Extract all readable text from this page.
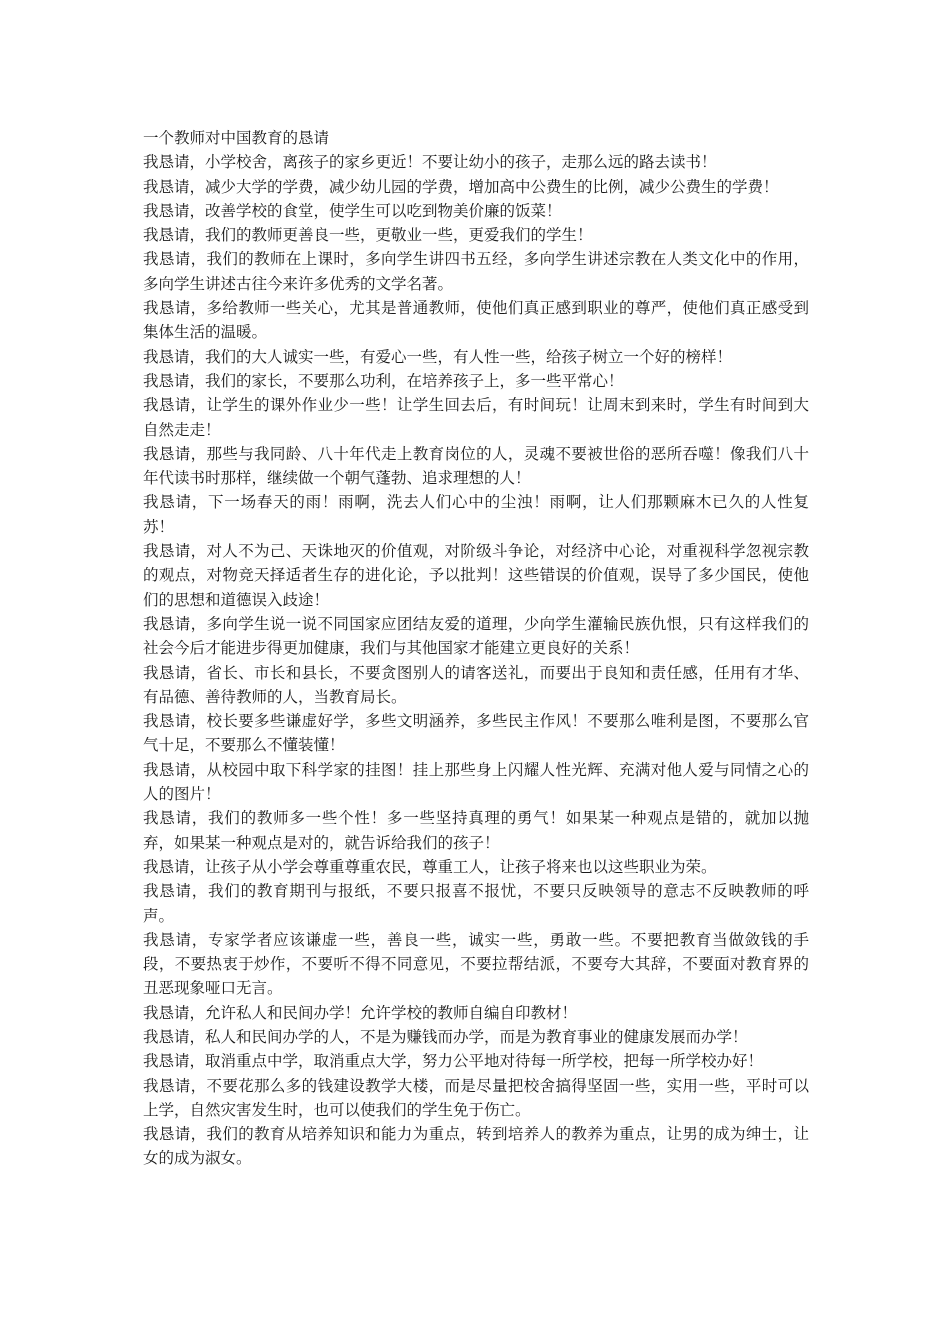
一个教师对中国教育的恳请

我恳请，小学校舍，离孩子的家乡更近！不要让幼小的孩子，走那么远的路去读书！

我恳请，减少大学的学费，减少幼儿园的学费，增加高中公费生的比例，减少公费生的学费！

我恳请，改善学校的食堂，使学生可以吃到物美价廉的饭菜！

我恳请，我们的教师更善良一些，更敬业一些，更爱我们的学生！

我恳请，我们的教师在上课时，多向学生讲四书五经，多向学生讲述宗教在人类文化中的作用，多向学生讲述古往今来许多优秀的文学名著。

我恳请，多给教师一些关心，尤其是普通教师，使他们真正感到职业的尊严，使他们真正感受到集体生活的温暖。

我恳请，我们的大人诚实一些，有爱心一些，有人性一些，给孩子树立一个好的榜样！

我恳请，我们的家长，不要那么功利，在培养孩子上，多一些平常心！

我恳请，让学生的课外作业少一些！让学生回去后，有时间玩！让周末到来时，学生有时间到大自然走走！

我恳请，那些与我同龄、八十年代走上教育岗位的人，灵魂不要被世俗的恶所吞噬！像我们八十年代读书时那样，继续做一个朝气蓬勃、追求理想的人！

我恳请，下一场春天的雨！雨啊，洗去人们心中的尘浊！雨啊，让人们那颗麻木已久的人性复苏！

我恳请，对人不为己、天诛地灭的价值观，对阶级斗争论，对经济中心论，对重视科学忽视宗教的观点，对物竞天择适者生存的进化论，予以批判！这些错误的价值观，误导了多少国民，使他们的思想和道德误入歧途！

我恳请，多向学生说一说不同国家应团结友爱的道理，少向学生灌输民族仇恨，只有这样我们的社会今后才能进步得更加健康，我们与其他国家才能建立更良好的关系！

我恳请，省长、市长和县长，不要贪图别人的请客送礼，而要出于良知和责任感，任用有才华、有品德、善待教师的人，当教育局长。

我恳请，校长要多些谦虚好学，多些文明涵养，多些民主作风！不要那么唯利是图，不要那么官气十足，不要那么不懂装懂！

我恳请，从校园中取下科学家的挂图！挂上那些身上闪耀人性光辉、充满对他人爱与同情之心的人的图片！

我恳请，我们的教师多一些个性！多一些坚持真理的勇气！如果某一种观点是错的，就加以抛弃，如果某一种观点是对的，就告诉给我们的孩子！

我恳请，让孩子从小学会尊重尊重农民，尊重工人，让孩子将来也以这些职业为荣。

我恳请，我们的教育期刊与报纸，不要只报喜不报忧，不要只反映领导的意志不反映教师的呼声。

我恳请，专家学者应该谦虚一些，善良一些，诚实一些，勇敢一些。不要把教育当做敛钱的手段，不要热衷于炒作，不要听不得不同意见，不要拉帮结派，不要夸大其辞，不要面对教育界的丑恶现象哑口无言。

我恳请，允许私人和民间办学！允许学校的教师自编自印教材！

我恳请，私人和民间办学的人，不是为赚钱而办学，而是为教育事业的健康发展而办学！

我恳请，取消重点中学，取消重点大学，努力公平地对待每一所学校，把每一所学校办好！

我恳请，不要花那么多的钱建设教学大楼，而是尽量把校舍搞得坚固一些，实用一些，平时可以上学，自然灾害发生时，也可以使我们的学生免于伤亡。

我恳请，我们的教育从培养知识和能力为重点，转到培养人的教养为重点，让男的成为绅士，让女的成为淑女。
